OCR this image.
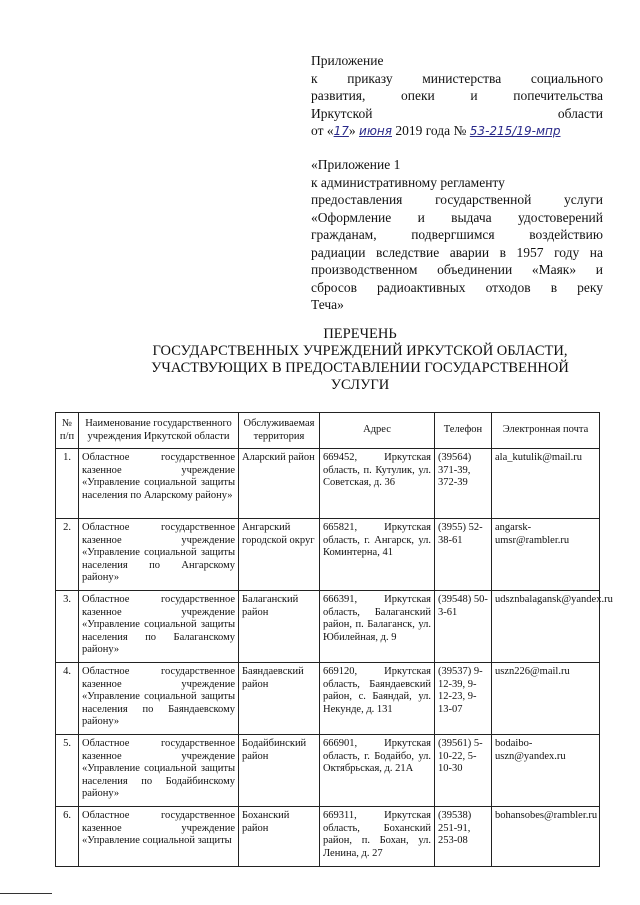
Приложение
к приказу министерства социального
развития, опеки и попечительства
Иркутской области
от «17» июня 2019 года № 53-215/19-мпр
«Приложение 1
к административному регламенту
предоставления государственной услуги
«Оформление и выдача удостоверений
гражданам, подвергшимся воздействию
радиации вследствие аварии в 1957 году на
производственном объединении «Маяк» и
сбросов радиоактивных отходов в реку
Теча»
ПЕРЕЧЕНЬ
ГОСУДАРСТВЕННЫХ УЧРЕЖДЕНИЙ ИРКУТСКОЙ ОБЛАСТИ,
УЧАСТВУЮЩИХ В ПРЕДОСТАВЛЕНИИ ГОСУДАРСТВЕННОЙ
УСЛУГИ
№ п/п	Наименование государственного учреждения Иркутской области	Обслуживаемая территория	Адрес	Телефон	Электронная почта
1.	Областное государственное казенное учреждение «Управление социальной защиты населения по Аларскому району»	Аларский район	669452, Иркутская область, п. Кутулик, ул. Советская, д. 36	(39564) 371-39, 372-39	ala_kutulik@mail.ru
2.	Областное государственное казенное учреждение «Управление социальной защиты населения по Ангарскому району»	Ангарский городской округ	665821, Иркутская область, г. Ангарск, ул. Коминтерна, 41	(3955) 52-38-61	angarsk-umsr@rambler.ru
3.	Областное государственное казенное учреждение «Управление социальной защиты населения по Балаганскому району»	Балаганский район	666391, Иркутская область, Балаганский район, п. Балаганск, ул. Юбилейная, д. 9	(39548) 50-3-61	udsznbalagansk@yandex.ru
4.	Областное государственное казенное учреждение «Управление социальной защиты населения по Баяндаевскому району»	Баяндаевский район	669120, Иркутская область, Баяндаевский район, с. Баяндай, ул. Некунде, д. 131	(39537) 9-12-39, 9-12-23, 9-13-07	uszn226@mail.ru
5.	Областное государственное казенное учреждение «Управление социальной защиты населения по Бодайбинскому району»	Бодайбинский район	666901, Иркутская область, г. Бодайбо, ул. Октябрьская, д. 21А	(39561) 5-10-22, 5-10-30	bodaibo-uszn@yandex.ru
6.	Областное государственное казенное учреждение «Управление социальной защиты	Боханский район	669311, Иркутская область, Боханский район, п. Бохан, ул. Ленина, д. 27	(39538) 251-91, 253-08	bohansobes@rambler.ru
